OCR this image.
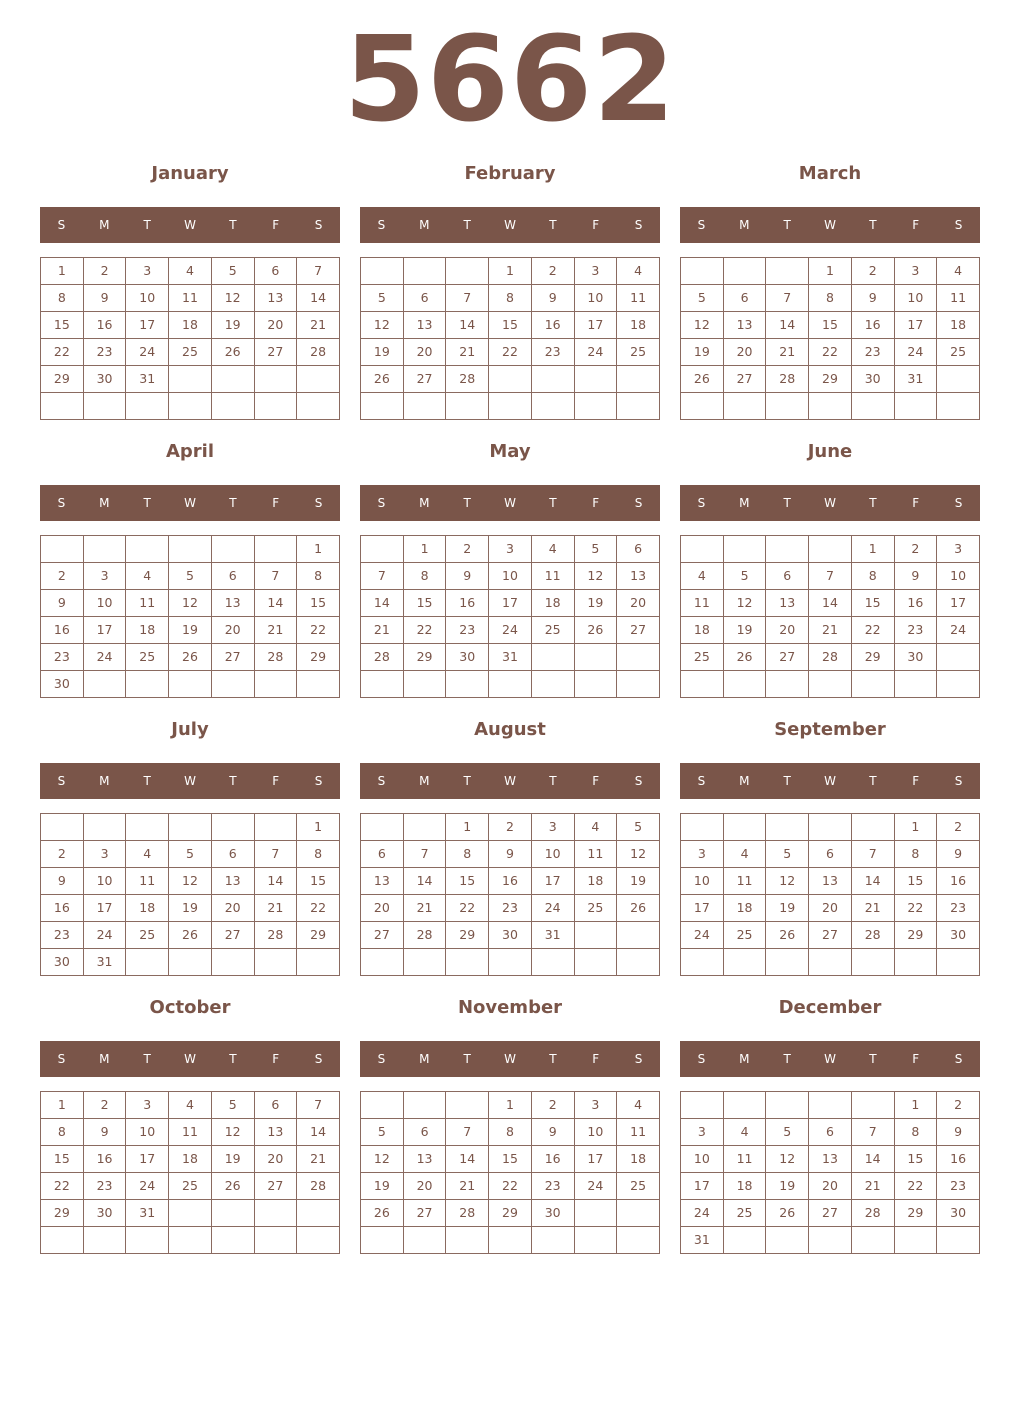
5662
January
S	M	T	W	T	F	S
1	2	3	4	5	6	7
8	9	10	11	12	13	14
15	16	17	18	19	20	21
22	23	24	25	26	27	28
29	30	31				

February
S	M	T	W	T	F	S
			1	2	3	4
5	6	7	8	9	10	11
12	13	14	15	16	17	18
19	20	21	22	23	24	25
26	27	28				

March
S	M	T	W	T	F	S
			1	2	3	4
5	6	7	8	9	10	11
12	13	14	15	16	17	18
19	20	21	22	23	24	25
26	27	28	29	30	31	

April
S	M	T	W	T	F	S
						1
2	3	4	5	6	7	8
9	10	11	12	13	14	15
16	17	18	19	20	21	22
23	24	25	26	27	28	29
30						
May
S	M	T	W	T	F	S
	1	2	3	4	5	6
7	8	9	10	11	12	13
14	15	16	17	18	19	20
21	22	23	24	25	26	27
28	29	30	31			

June
S	M	T	W	T	F	S
				1	2	3
4	5	6	7	8	9	10
11	12	13	14	15	16	17
18	19	20	21	22	23	24
25	26	27	28	29	30	

July
S	M	T	W	T	F	S
						1
2	3	4	5	6	7	8
9	10	11	12	13	14	15
16	17	18	19	20	21	22
23	24	25	26	27	28	29
30	31					
August
S	M	T	W	T	F	S
		1	2	3	4	5
6	7	8	9	10	11	12
13	14	15	16	17	18	19
20	21	22	23	24	25	26
27	28	29	30	31		

September
S	M	T	W	T	F	S
					1	2
3	4	5	6	7	8	9
10	11	12	13	14	15	16
17	18	19	20	21	22	23
24	25	26	27	28	29	30

October
S	M	T	W	T	F	S
1	2	3	4	5	6	7
8	9	10	11	12	13	14
15	16	17	18	19	20	21
22	23	24	25	26	27	28
29	30	31				

November
S	M	T	W	T	F	S
			1	2	3	4
5	6	7	8	9	10	11
12	13	14	15	16	17	18
19	20	21	22	23	24	25
26	27	28	29	30		

December
S	M	T	W	T	F	S
					1	2
3	4	5	6	7	8	9
10	11	12	13	14	15	16
17	18	19	20	21	22	23
24	25	26	27	28	29	30
31						
